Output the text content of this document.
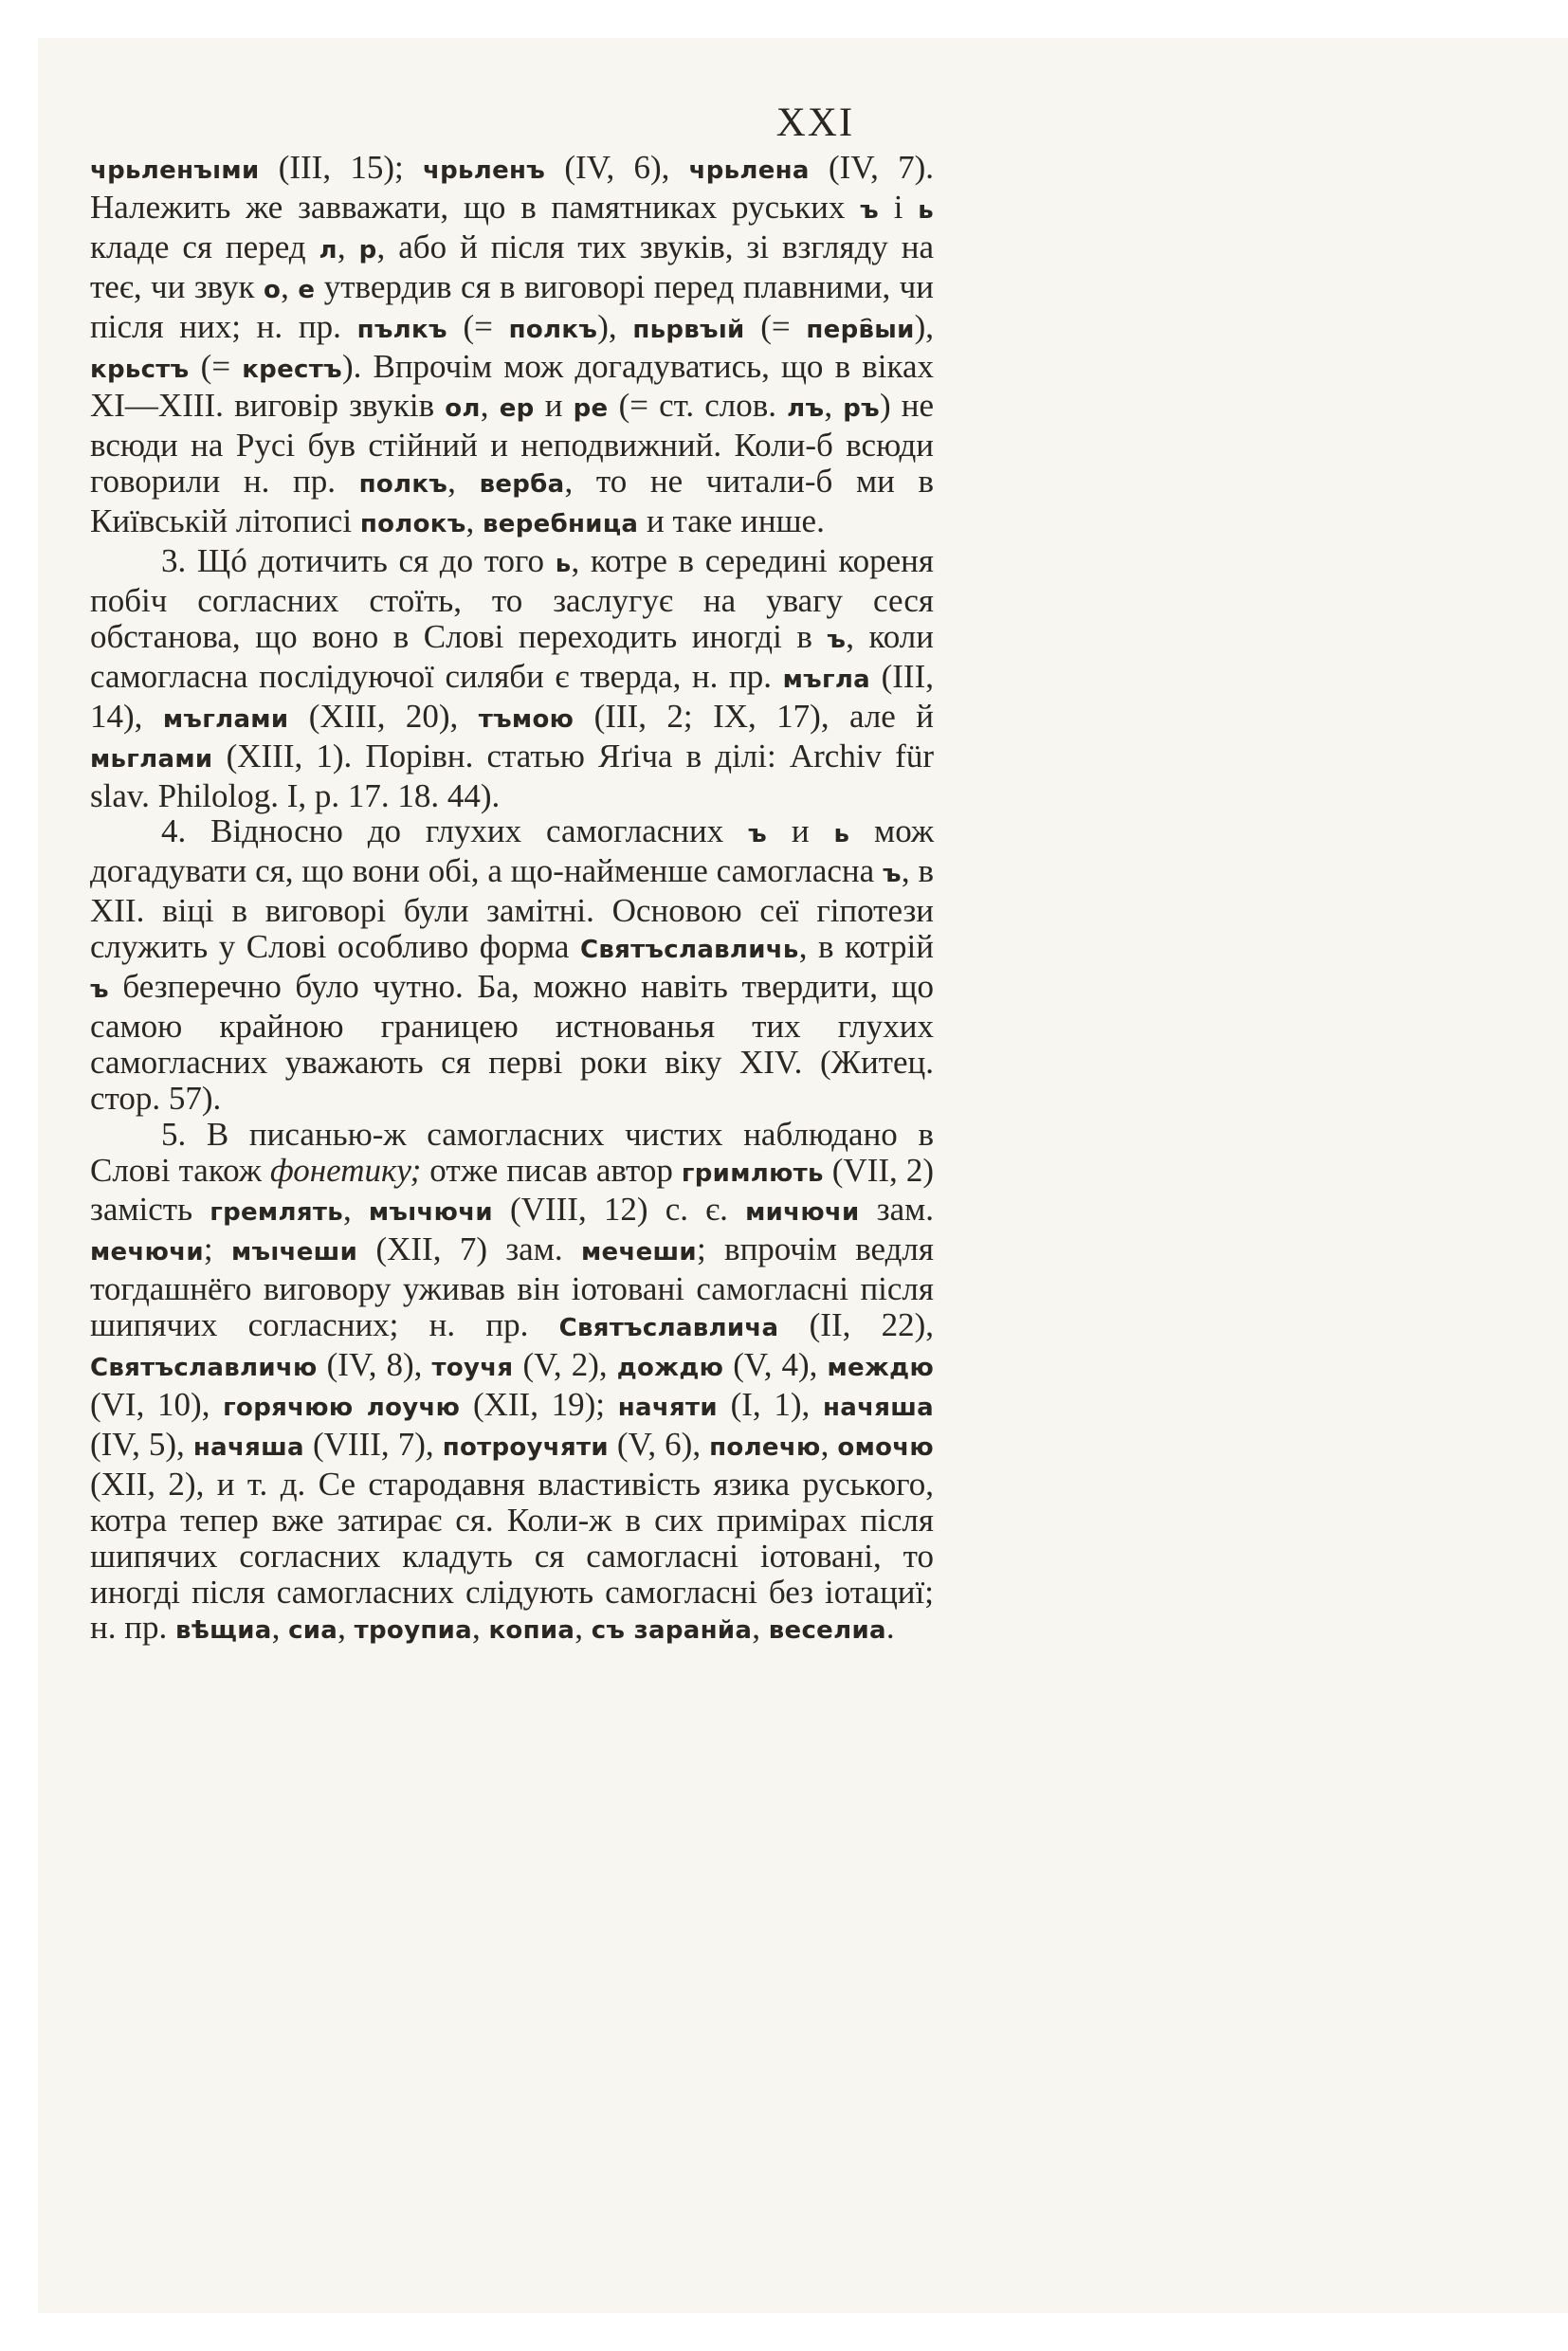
XXI

чрьленъıми (III, 15); чрьленъ (IV, 6), чрьлена (IV, 7). Належить же завважати, що в памятниках руських ъ і ь кладе ся перед л, р, або й після тих звуків, зі взгляду на теє, чи звук о, е утвердив ся в виговорі перед плавними, чи після них; н. пр. пълкъ (= полкъ), пьрвъıй (= перв҄ыи), крьстъ (= крестъ). Впрочім мож догадуватись, що в віках XI—XIII. виговір звуків ол, ер и ре (= ст. слов. лъ, ръ) не всюди на Русі був стійний и неподвижний. Коли-б всюди говорили н. пр. полкъ, верба, то не читали-б ми в Київській літописі полокъ, веребница и таке инше.

3. Щó дотичить ся до того ь, котре в середині кореня побіч согласних стоїть, то заслугує на увагу сеся обстанова, що воно в Слові переходить иногді в ъ, коли самогласна послідуючої силяби є тверда, н. пр. мъгла (III, 14), мъглами (XIII, 20), тъмою (III, 2; IX, 17), але й мьглами (XIII, 1). Порівн. статью Яґіча в ділі: Archiv für slav. Philolog. I, p. 17. 18. 44).

4. Відносно до глухих самогласних ъ и ь мож догадувати ся, що вони обі, а що-найменше самогласна ъ, в XII. віці в виговорі були замітні. Основою сеї гіпотези служить у Слові особливо форма Святъславличь, в котрій ъ безперечно було чутно. Ба, можно навіть твердити, що самою крайною границею истнованья тих глухих самогласних уважають ся перві роки віку XIV. (Житец. стор. 57).

5. В писанью-ж самогласних чистих наблюдано в Слові також фонетику; отже писав автор гримлють (VII, 2) замість гремлять, мъıчючи (VIII, 12) с. є. мичючи зам. мечючи; мъıчеши (XII, 7) зам. мечеши; впрочім ведля тогдашнёго виговору уживав він іотовані самогласні після шипячих согласних; н. пр. Святъславлича (II, 22), Святъславличю (IV, 8), тоучя (V, 2), дождю (V, 4), междю (VI, 10), горячюю лоучю (XII, 19); начяти (I, 1), начяша (IV, 5), начяша (VIII, 7), потроучяти (V, 6), полечю, омочю (XII, 2), и т. д. Се стародавня властивість язика руського, котра тепер вже затирає ся. Коли-ж в сих примірах після шипячих согласних кладуть ся самогласні іотовані, то иногді після самогласних слідують самогласні без іотациї; н. пр. вѣщиа, сиа, троупиа, копиа, съ заранйа, веселиа.
